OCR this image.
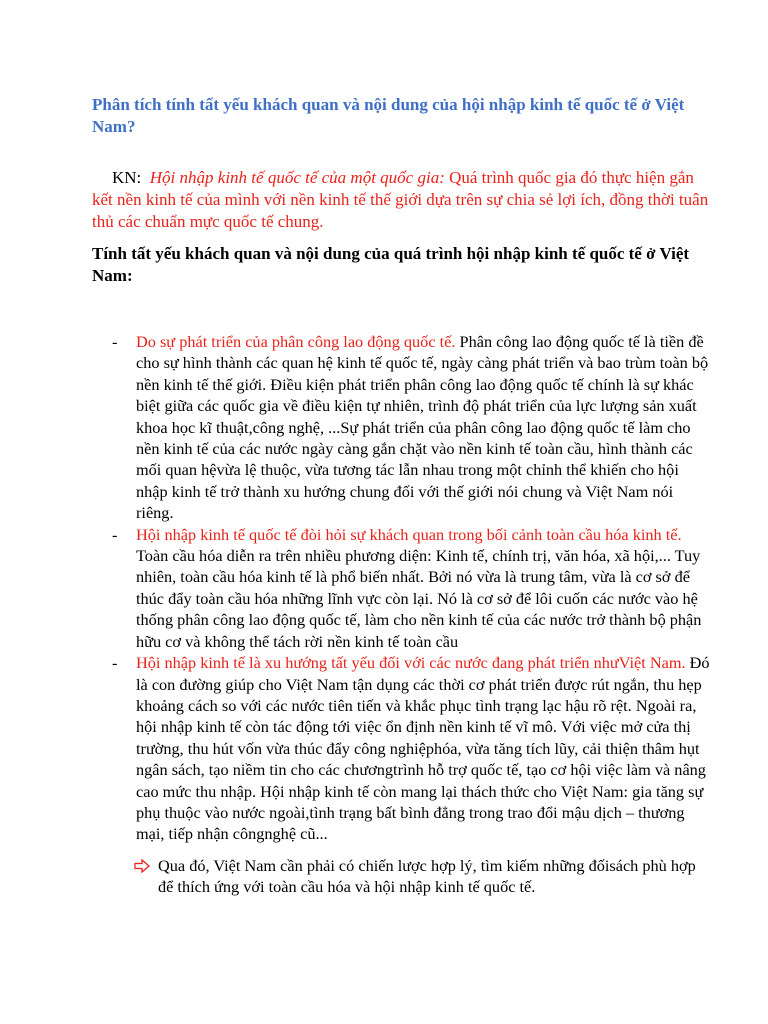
Phân tích tính tất yếu khách quan và nội dung của hội nhập kinh tế quốc tế ở Việt Nam?

KN: Hội nhập kinh tế quốc tế của một quốc gia: Quá trình quốc gia đó thực hiện gắn kết nền kinh tế của mình với nền kinh tế thế giới dựa trên sự chia sẻ lợi ích, đồng thời tuân thủ các chuẩn mực quốc tế chung.

Tính tất yếu khách quan và nội dung của quá trình hội nhập kinh tế quốc tế ở Việt Nam:
- Do sự phát triển của phân công lao động quốc tế. Phân công lao động quốc tế là tiền đề cho sự hình thành các quan hệ kinh tế quốc tế, ngày càng phát triển và bao trùm toàn bộ nền kinh tế thế giới. Điều kiện phát triển phân công lao động quốc tế chính là sự khác biệt giữa các quốc gia về điều kiện tự nhiên, trình độ phát triển của lực lượng sản xuất khoa học kĩ thuật,công nghệ, ...Sự phát triển của phân công lao động quốc tế làm cho nền kinh tế của các nước ngày càng gắn chặt vào nền kinh tế toàn cầu, hình thành các mối quan hệvừa lệ thuộc, vừa tương tác lẫn nhau trong một chỉnh thể khiến cho hội nhập kinh tế trở thành xu hướng chung đối với thế giới nói chung và Việt Nam nói riêng.
- Hội nhập kinh tế quốc tế đòi hỏi sự khách quan trong bối cảnh toàn cầu hóa kinh tế. Toàn cầu hóa diễn ra trên nhiều phương diện: Kinh tế, chính trị, văn hóa, xã hội,... Tuy nhiên, toàn cầu hóa kinh tế là phổ biến nhất. Bởi nó vừa là trung tâm, vừa là cơ sở để thúc đẩy toàn cầu hóa những lĩnh vực còn lại. Nó là cơ sở để lôi cuốn các nước vào hệ thống phân công lao động quốc tế, làm cho nền kinh tế của các nước trở thành bộ phận hữu cơ và không thể tách rời nền kinh tế toàn cầu
- Hội nhập kinh tế là xu hướng tất yếu đối với các nước đang phát triển nhưViệt Nam. Đó là con đường giúp cho Việt Nam tận dụng các thời cơ phát triển được rút ngắn, thu hẹp khoảng cách so với các nước tiên tiến và khắc phục tình trạng lạc hậu rõ rệt. Ngoài ra, hội nhập kinh tế còn tác động tới việc ổn định nền kinh tế vĩ mô. Với việc mở cửa thị trường, thu hút vốn vừa thúc đẩy công nghiệphóa, vừa tăng tích lũy, cải thiện thâm hụt ngân sách, tạo niềm tin cho các chươngtrình hỗ trợ quốc tế, tạo cơ hội việc làm và nâng cao mức thu nhập. Hội nhập kinh tế còn mang lại thách thức cho Việt Nam: gia tăng sự phụ thuộc vào nước ngoài,tình trạng bất bình đẳng trong trao đổi mậu dịch – thương mại, tiếp nhận côngnghệ cũ...

Qua đó, Việt Nam cần phải có chiến lược hợp lý, tìm kiếm những đốisách phù hợp để thích ứng với toàn cầu hóa và hội nhập kinh tế quốc tế.
